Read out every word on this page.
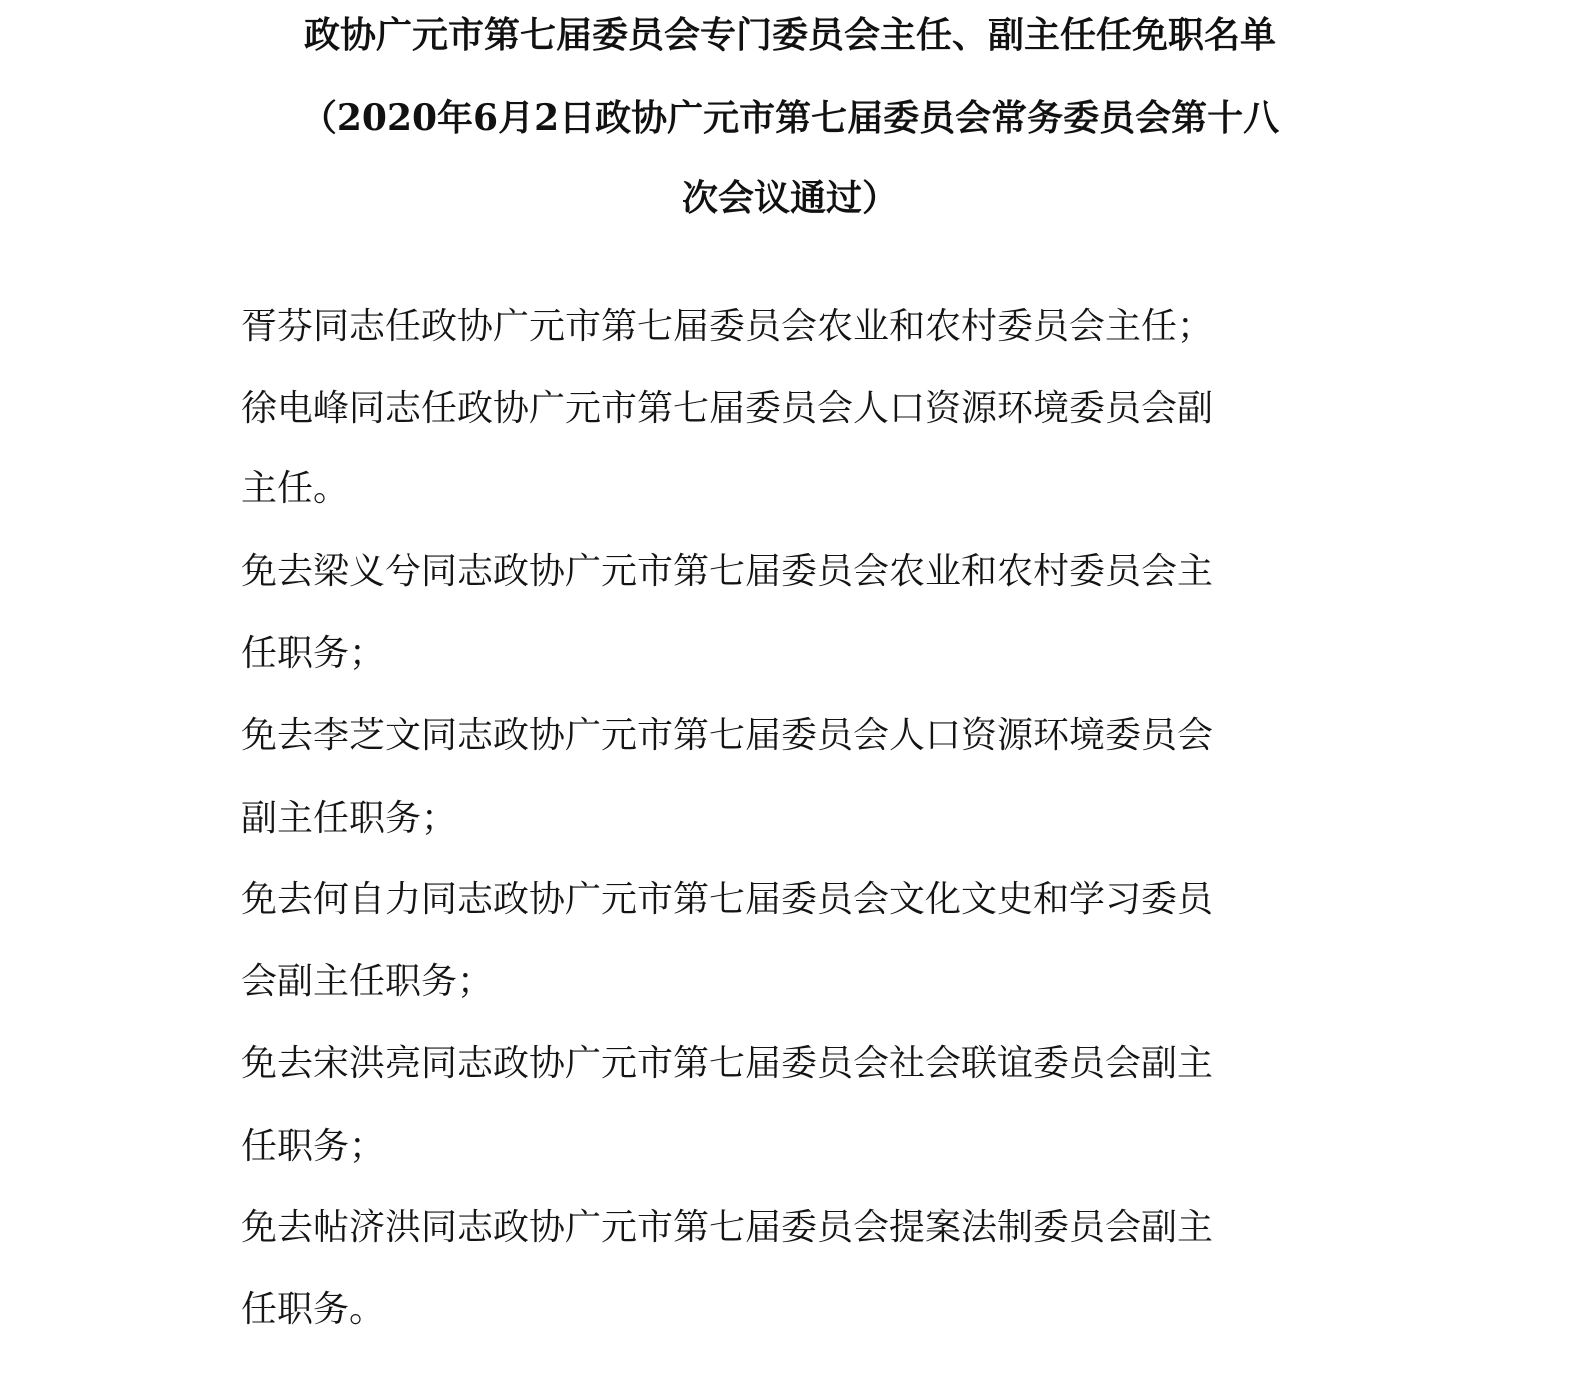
政协广元市第七届委员会专门委员会主任、副主任任免职名单
（2020年6月2日政协广元市第七届委员会常务委员会第十八
次会议通过）
胥芬同志任政协广元市第七届委员会农业和农村委员会主任；
徐电峰同志任政协广元市第七届委员会人口资源环境委员会副
主任。
免去梁义兮同志政协广元市第七届委员会农业和农村委员会主
任职务；
免去李芝文同志政协广元市第七届委员会人口资源环境委员会
副主任职务；
免去何自力同志政协广元市第七届委员会文化文史和学习委员
会副主任职务；
免去宋洪亮同志政协广元市第七届委员会社会联谊委员会副主
任职务；
免去帖济洪同志政协广元市第七届委员会提案法制委员会副主
任职务。
